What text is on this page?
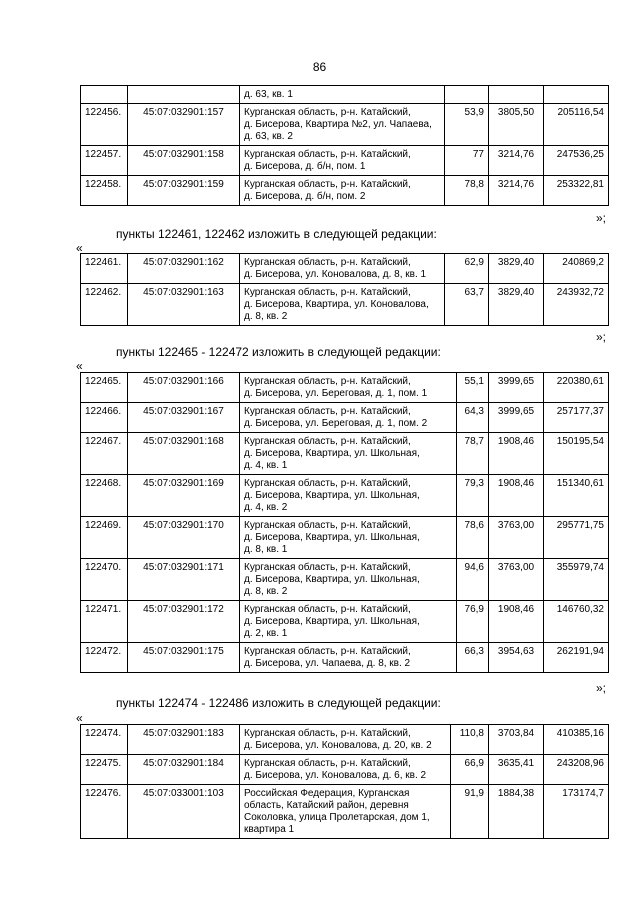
86

		д. 63, кв. 1			

122456.	45:07:032901:157	Курганская область, р-н. Катайский,
д. Бисерова, Квартира №2, ул. Чапаева,
д. 63, кв. 2	53,9	3805,50	205116,54
122457.	45:07:032901:158	Курганская область, р-н. Катайский,
д. Бисерова, д. б/н, пом. 1	77	3214,76	247536,25
122458.	45:07:032901:159	Курганская область, р-н. Катайский,
д. Бисерова, д. б/н, пом. 2	78,8	3214,76	253322,81
»;
пункты 122461, 122462 изложить в следующей редакции:
«
122461.	45:07:032901:162	Курганская область, р-н. Катайский,
д. Бисерова, ул. Коновалова, д. 8, кв. 1	62,9	3829,40	240869,2
122462.	45:07:032901:163	Курганская область, р-н. Катайский,
д. Бисерова, Квартира, ул. Коновалова,
д. 8, кв. 2	63,7	3829,40	243932,72
»;
пункты 122465 - 122472 изложить в следующей редакции:
«
122465.	45:07:032901:166	Курганская область, р-н. Катайский,
д. Бисерова, ул. Береговая, д. 1, пом. 1	55,1	3999,65	220380,61
122466.	45:07:032901:167	Курганская область, р-н. Катайский,
д. Бисерова, ул. Береговая, д. 1, пом. 2	64,3	3999,65	257177,37
122467.	45:07:032901:168	Курганская область, р-н. Катайский,
д. Бисерова, Квартира, ул. Школьная,
д. 4, кв. 1	78,7	1908,46	150195,54
122468.	45:07:032901:169	Курганская область, р-н. Катайский,
д. Бисерова, Квартира, ул. Школьная,
д. 4, кв. 2	79,3	1908,46	151340,61
122469.	45:07:032901:170	Курганская область, р-н. Катайский,
д. Бисерова, Квартира, ул. Школьная,
д. 8, кв. 1	78,6	3763,00	295771,75
122470.	45:07:032901:171	Курганская область, р-н. Катайский,
д. Бисерова, Квартира, ул. Школьная,
д. 8, кв. 2	94,6	3763,00	355979,74
122471.	45:07:032901:172	Курганская область, р-н. Катайский,
д. Бисерова, Квартира, ул. Школьная,
д. 2, кв. 1	76,9	1908,46	146760,32
122472.	45:07:032901:175	Курганская область, р-н. Катайский,
д. Бисерова, ул. Чапаева, д. 8, кв. 2	66,3	3954,63	262191,94
»;
пункты 122474 - 122486 изложить в следующей редакции:
«
122474.	45:07:032901:183	Курганская область, р-н. Катайский,
д. Бисерова, ул. Коновалова, д. 20, кв. 2	110,8	3703,84	410385,16
122475.	45:07:032901:184	Курганская область, р-н. Катайский,
д. Бисерова, ул. Коновалова, д. 6, кв. 2	66,9	3635,41	243208,96
122476.	45:07:033001:103	Российская Федерация, Курганская
область, Катайский район, деревня
Соколовка, улица Пролетарская, дом 1,
квартира 1	91,9	1884,38	173174,7
